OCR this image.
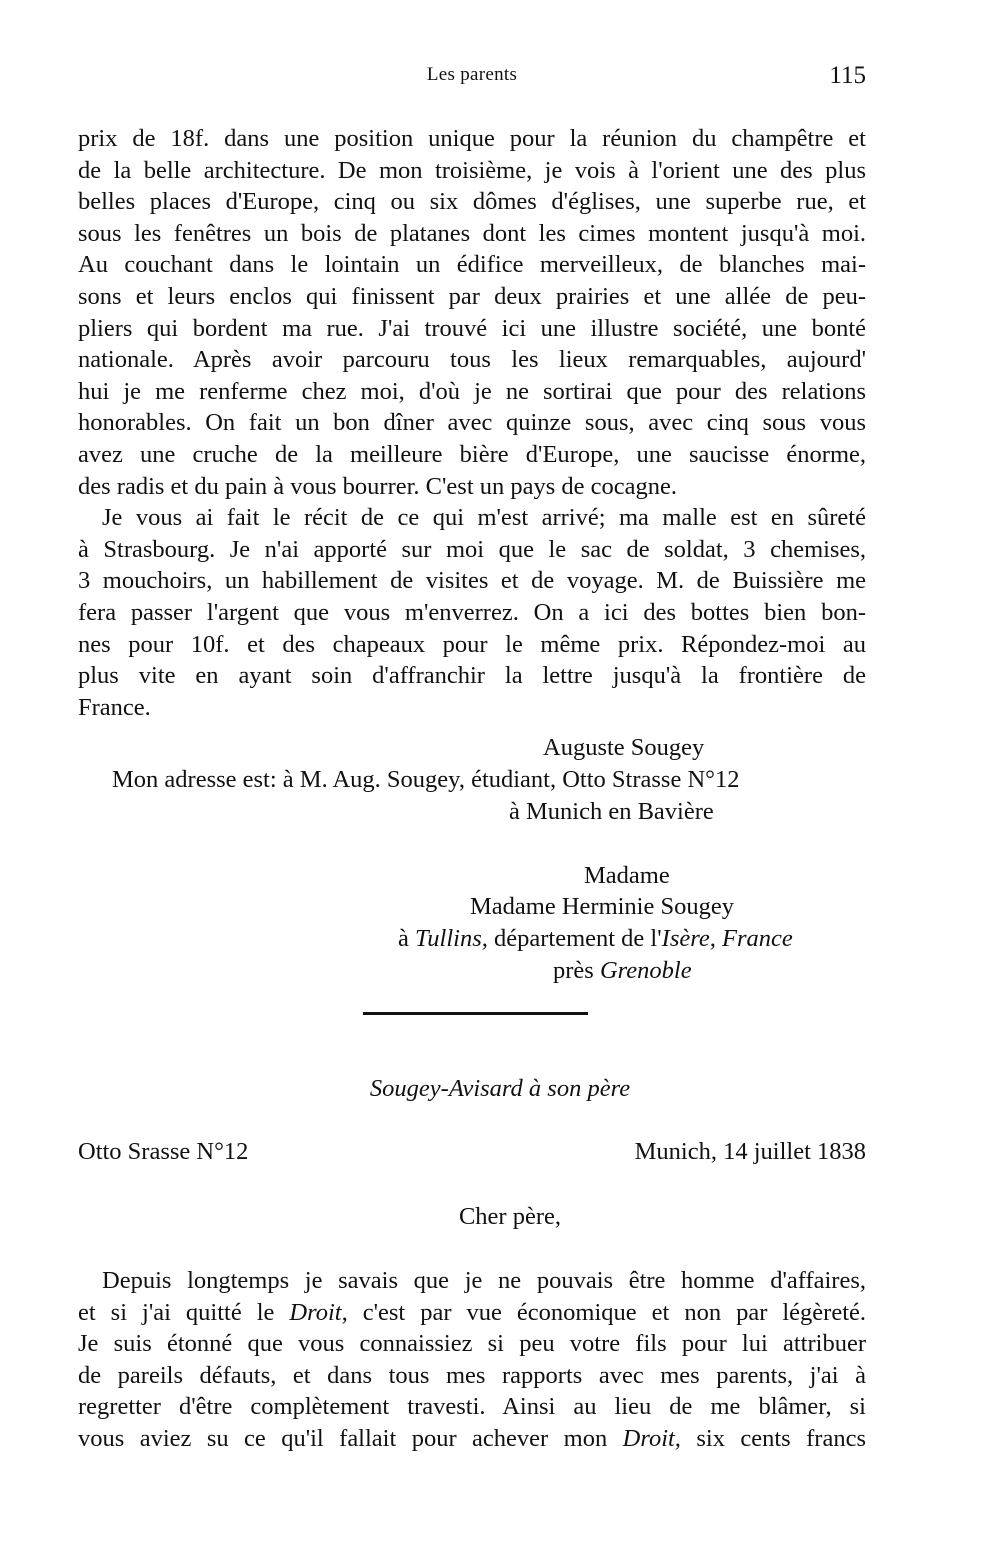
Les parents	115

prix de 18f. dans une position unique pour la réunion du champêtre et

de la belle architecture. De mon troisième, je vois à l'orient une des plus

belles places d'Europe, cinq ou six dômes d'églises, une superbe rue, et

sous les fenêtres un bois de platanes dont les cimes montent jusqu'à moi.

Au couchant dans le lointain un édifice merveilleux, de blanches mai-

sons et leurs enclos qui finissent par deux prairies et une allée de peu-

pliers qui bordent ma rue. J'ai trouvé ici une illustre société, une bonté

nationale. Après avoir parcouru tous les lieux remarquables, aujourd'

hui je me renferme chez moi, d'où je ne sortirai que pour des relations

honorables. On fait un bon dîner avec quinze sous, avec cinq sous vous

avez une cruche de la meilleure bière d'Europe, une saucisse énorme,

des radis et du pain à vous bourrer. C'est un pays de cocagne.

Je vous ai fait le récit de ce qui m'est arrivé; ma malle est en sûreté

à Strasbourg. Je n'ai apporté sur moi que le sac de soldat, 3 chemises,

3 mouchoirs, un habillement de visites et de voyage. M. de Buissière me

fera passer l'argent que vous m'enverrez. On a ici des bottes bien bon-

nes pour 10f. et des chapeaux pour le même prix. Répondez-moi au

plus vite en ayant soin d'affranchir la lettre jusqu'à la frontière de

France.

Auguste Sougey
Mon adresse est: à M. Aug. Sougey, étudiant, Otto Strasse N°12
à Munich en Bavière
Madame
Madame Herminie Sougey
à Tullins, département de l'Isère, France
près Grenoble
Sougey-Avisard à son père
Otto Srasse N°12	Munich, 14 juillet 1838
Cher père,

Depuis longtemps je savais que je ne pouvais être homme d'affaires,

et si j'ai quitté le Droit, c'est par vue économique et non par légèreté.

Je suis étonné que vous connaissiez si peu votre fils pour lui attribuer

de pareils défauts, et dans tous mes rapports avec mes parents, j'ai à

regretter d'être complètement travesti. Ainsi au lieu de me blâmer, si

vous aviez su ce qu'il fallait pour achever mon Droit, six cents francs
